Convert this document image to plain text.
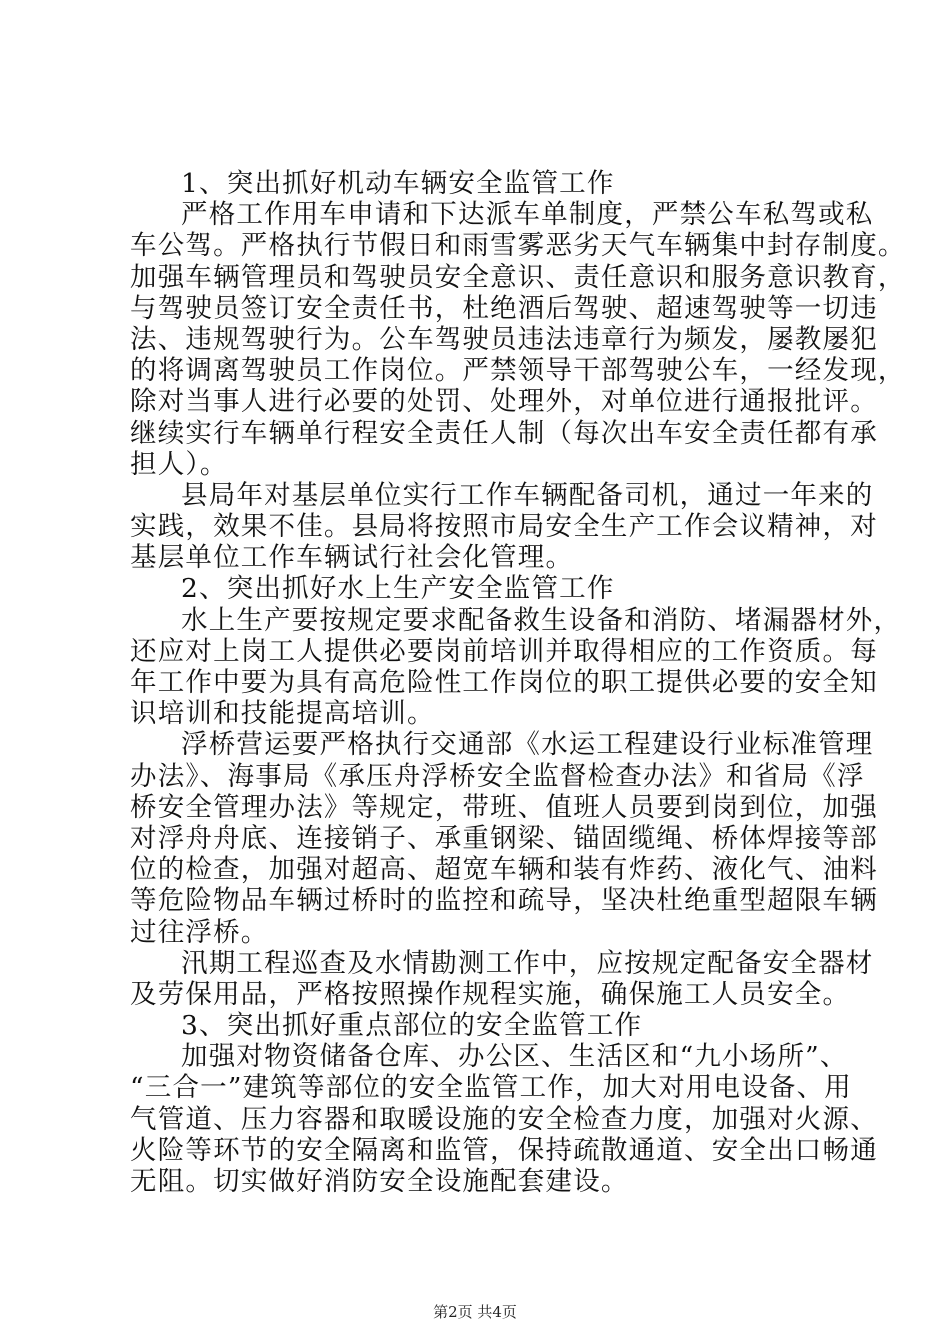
1、突出抓好机动车辆安全监管工作
严格工作用车申请和下达派车单制度，严禁公车私驾或私
车公驾。严格执行节假日和雨雪雾恶劣天气车辆集中封存制度。
加强车辆管理员和驾驶员安全意识、责任意识和服务意识教育，
与驾驶员签订安全责任书，杜绝酒后驾驶、超速驾驶等一切违
法、违规驾驶行为。公车驾驶员违法违章行为频发，屡教屡犯
的将调离驾驶员工作岗位。严禁领导干部驾驶公车，一经发现，
除对当事人进行必要的处罚、处理外，对单位进行通报批评。
继续实行车辆单行程安全责任人制（每次出车安全责任都有承
担人）。
县局年对基层单位实行工作车辆配备司机，通过一年来的
实践，效果不佳。县局将按照市局安全生产工作会议精神，对
基层单位工作车辆试行社会化管理。
2、突出抓好水上生产安全监管工作
水上生产要按规定要求配备救生设备和消防、堵漏器材外，
还应对上岗工人提供必要岗前培训并取得相应的工作资质。每
年工作中要为具有高危险性工作岗位的职工提供必要的安全知
识培训和技能提高培训。
浮桥营运要严格执行交通部《水运工程建设行业标准管理
办法》、海事局《承压舟浮桥安全监督检查办法》和省局《浮
桥安全管理办法》等规定，带班、值班人员要到岗到位，加强
对浮舟舟底、连接销子、承重钢梁、锚固缆绳、桥体焊接等部
位的检查，加强对超高、超宽车辆和装有炸药、液化气、油料
等危险物品车辆过桥时的监控和疏导，坚决杜绝重型超限车辆
过往浮桥。
汛期工程巡查及水情勘测工作中，应按规定配备安全器材
及劳保用品，严格按照操作规程实施，确保施工人员安全。
3、突出抓好重点部位的安全监管工作
加强对物资储备仓库、办公区、生活区和“九小场所”、
“三合一”建筑等部位的安全监管工作，加大对用电设备、用
气管道、压力容器和取暖设施的安全检查力度，加强对火源、
火险等环节的安全隔离和监管，保持疏散通道、安全出口畅通
无阻。切实做好消防安全设施配套建设。
第2页 共4页
